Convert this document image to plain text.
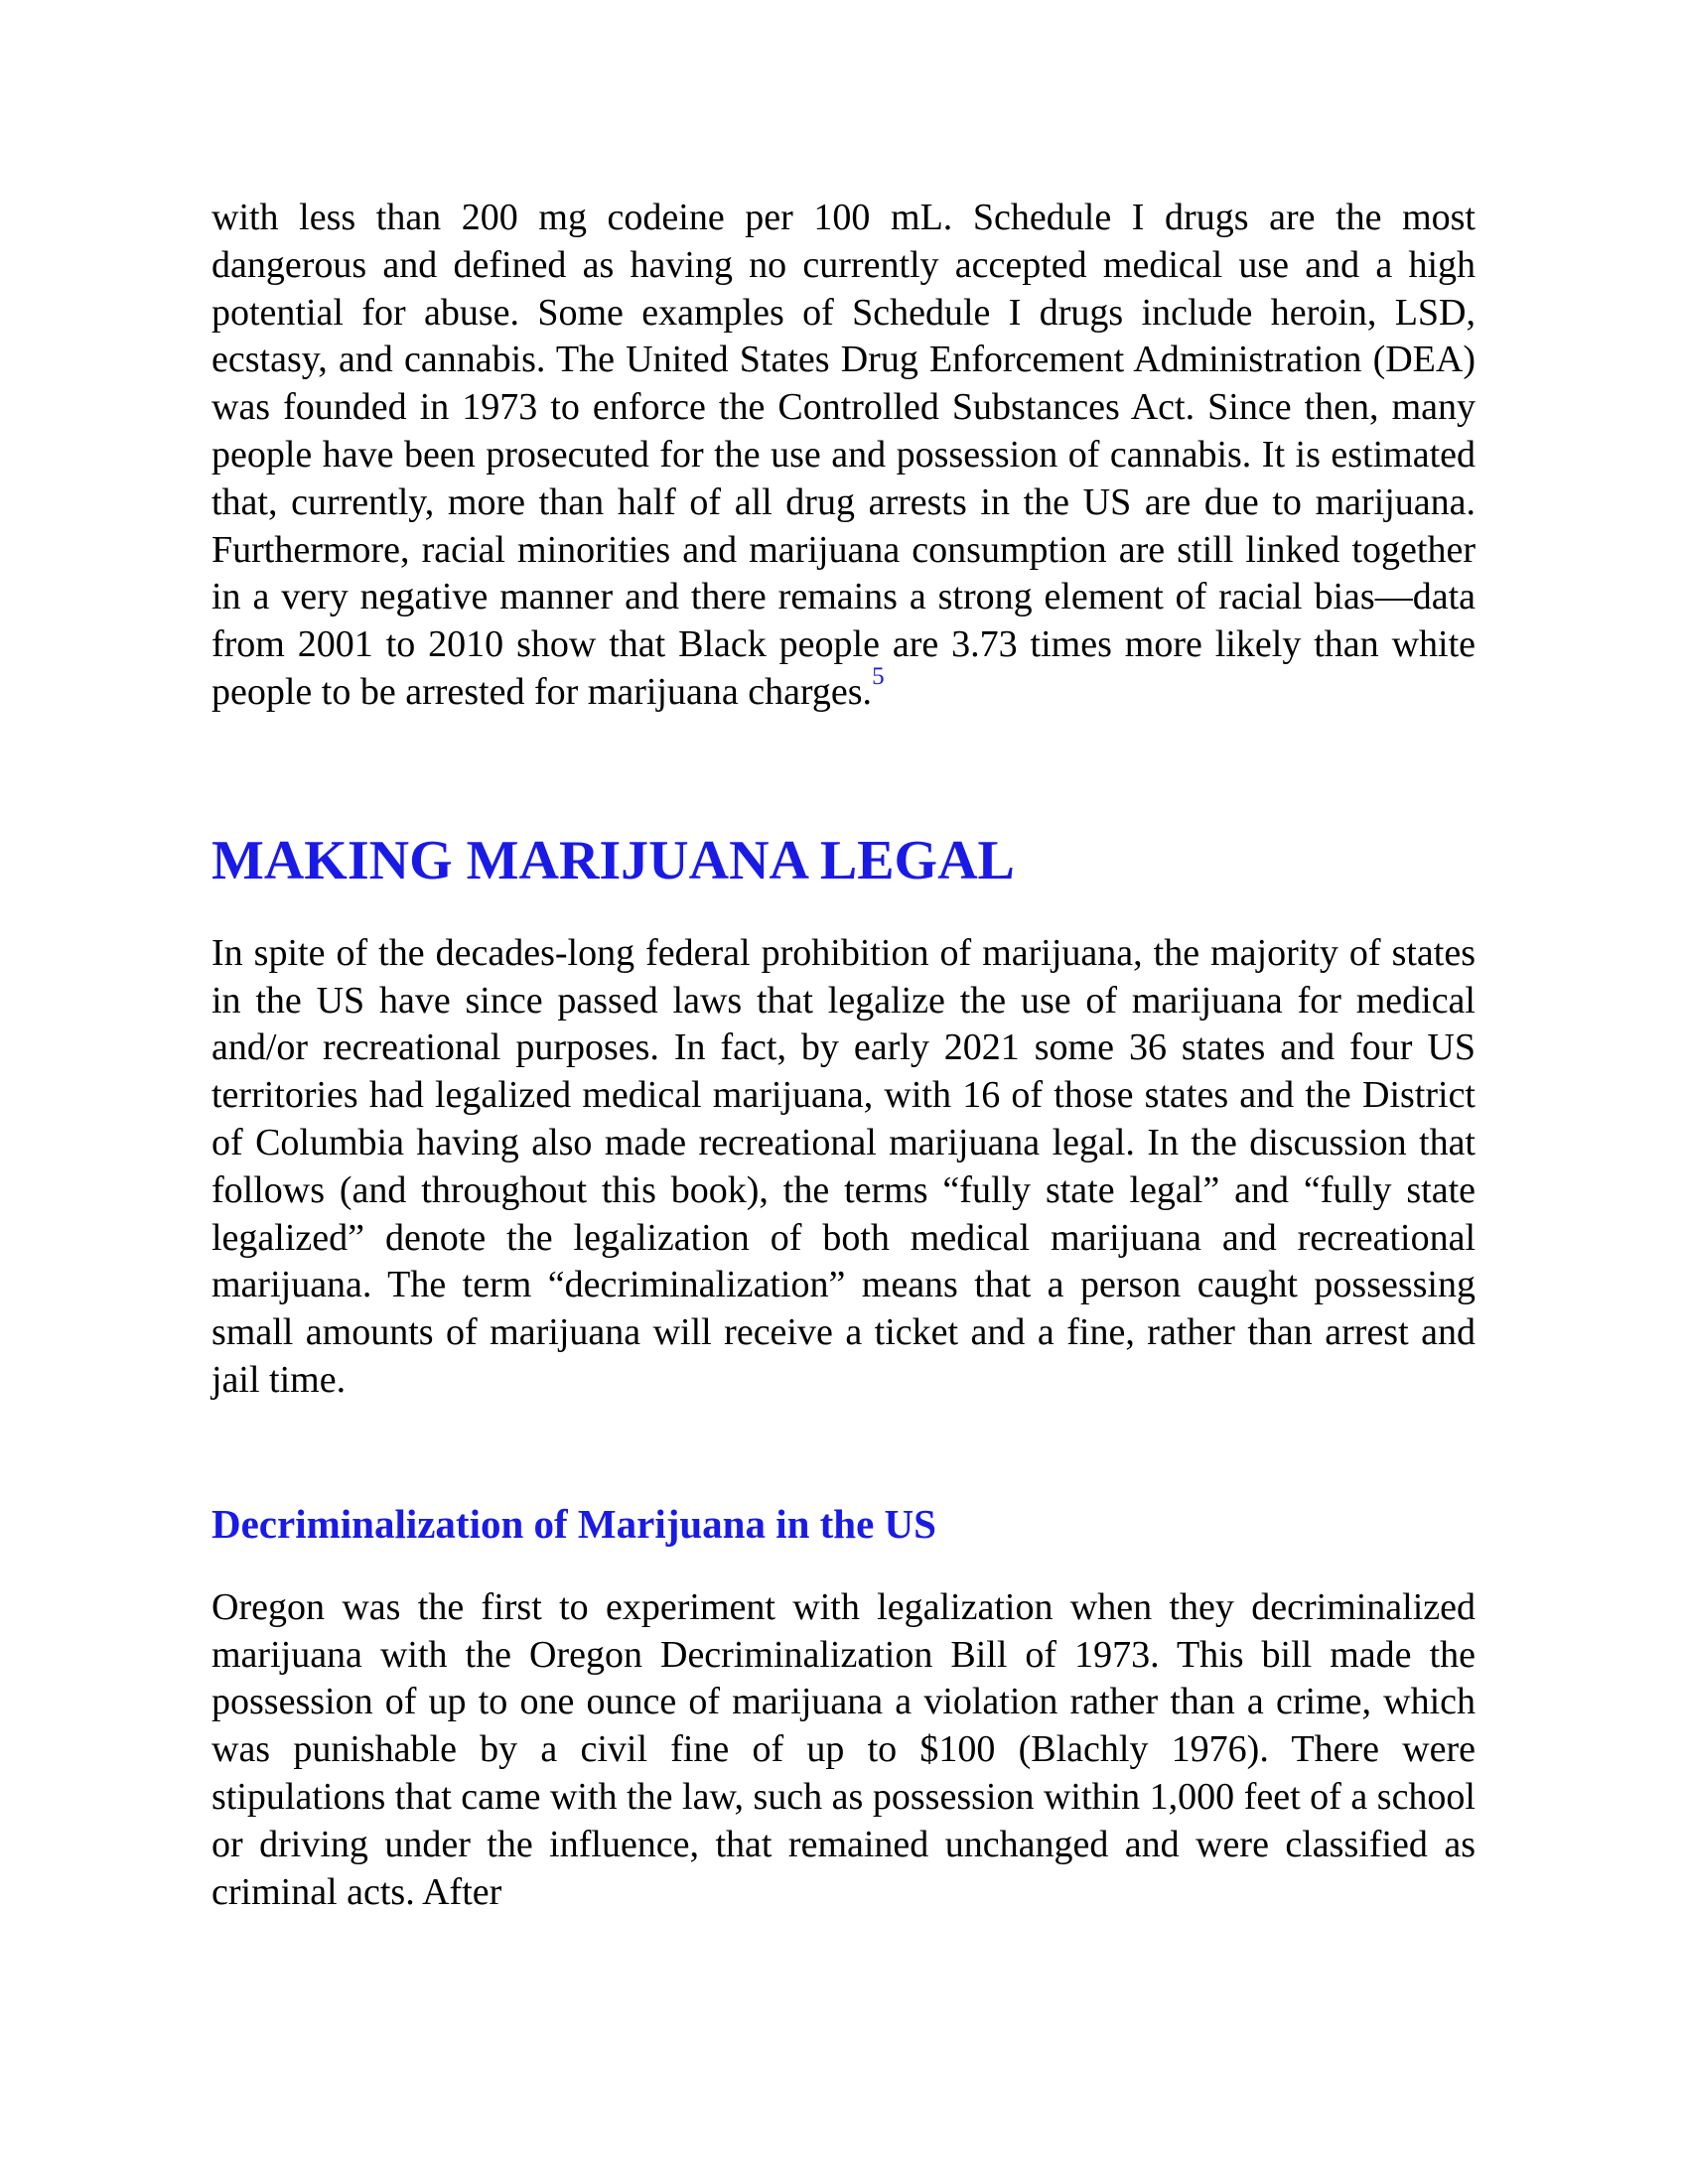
with less than 200 mg codeine per 100 mL. Schedule I drugs are the most dangerous and defined as having no currently accepted medical use and a high potential for abuse. Some examples of Schedule I drugs include heroin, LSD, ecstasy, and cannabis. The United States Drug Enforcement Administration (DEA) was founded in 1973 to enforce the Controlled Substances Act. Since then, many people have been prosecuted for the use and possession of cannabis. It is estimated that, currently, more than half of all drug arrests in the US are due to marijuana. Furthermore, racial minorities and marijuana consumption are still linked together in a very negative manner and there remains a strong element of racial bias—data from 2001 to 2010 show that Black people are 3.73 times more likely than white people to be arrested for marijuana charges.$^5$

MAKING MARIJUANA LEGAL

In spite of the decades-long federal prohibition of marijuana, the majority of states in the US have since passed laws that legalize the use of marijuana for medical and/or recreational purposes. In fact, by early 2021 some 36 states and four US territories had legalized medical marijuana, with 16 of those states and the District of Columbia having also made recreational marijuana legal. In the discussion that follows (and throughout this book), the terms “fully state legal” and “fully state legalized” denote the legalization of both medical marijuana and recreational marijuana. The term “decriminalization” means that a person caught possessing small amounts of marijuana will receive a ticket and a fine, rather than arrest and jail time.

Decriminalization of Marijuana in the US

Oregon was the first to experiment with legalization when they decriminalized marijuana with the Oregon Decriminalization Bill of 1973. This bill made the possession of up to one ounce of marijuana a violation rather than a crime, which was punishable by a civil fine of up to $100 (Blachly 1976). There were stipulations that came with the law, such as possession within 1,000 feet of a school or driving under the influence, that remained unchanged and were classified as criminal acts. After
